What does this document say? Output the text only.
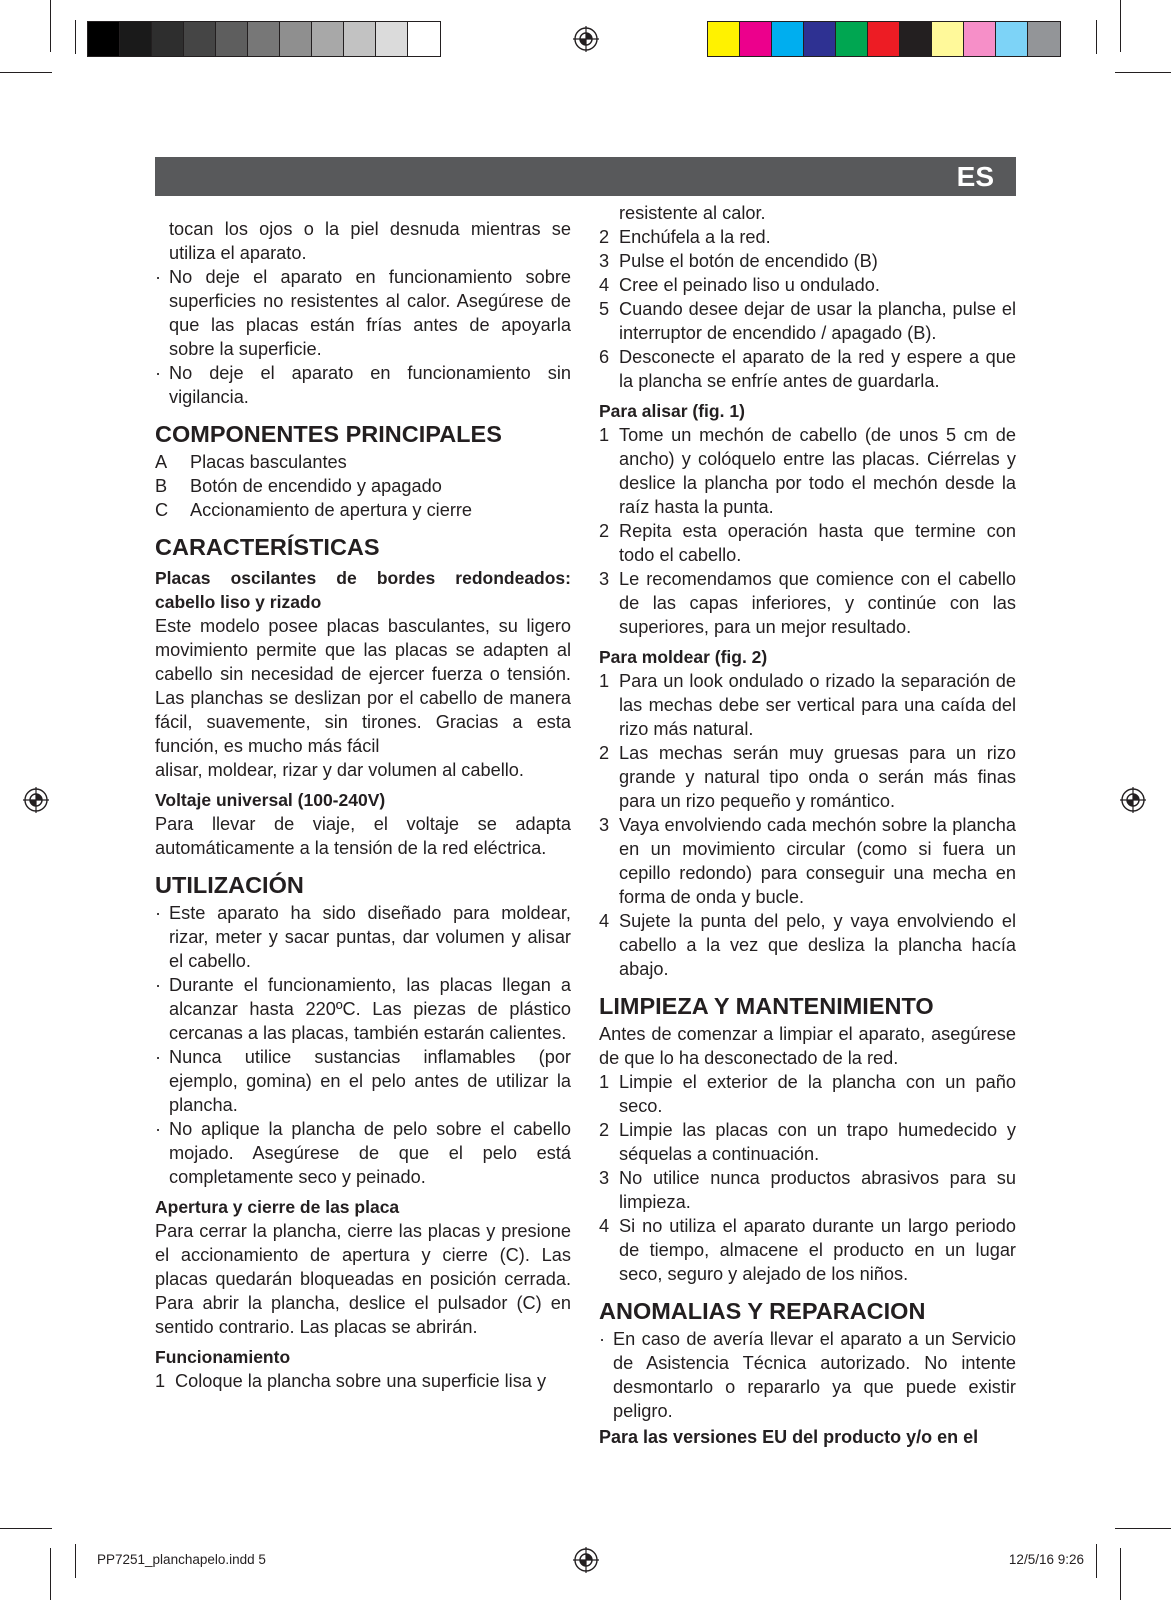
ES

tocan los ojos o la piel desnuda mientras se utiliza el aparato.

· No deje el aparato en funcionamiento sobre superficies no resistentes al calor. Asegúrese de que las placas están frías antes de apoyarla sobre la superficie.

· No deje el aparato en funcionamiento sin vigilancia.

COMPONENTES PRINCIPALES
A	Placas basculantes
B	Botón de encendido y apagado
C	Accionamiento de apertura y cierre
CARACTERÍSTICAS
Placas oscilantes de bordes redondeados: cabello liso y rizado

Este modelo posee placas basculantes, su ligero movimiento permite que las placas se adapten al cabello sin necesidad de ejercer fuerza o tensión. Las planchas se deslizan por el cabello de manera fácil, suavemente, sin tirones. Gracias a esta función, es mucho más fácil

alisar, moldear, rizar y dar volumen al cabello.

Voltaje universal (100-240V)

Para llevar de viaje, el voltaje se adapta automáticamente a la tensión de la red eléctrica.

UTILIZACIÓN

· Este aparato ha sido diseñado para moldear, rizar, meter y sacar puntas, dar volumen y alisar el cabello.

· Durante el funcionamiento, las placas llegan a alcanzar hasta 220ºC. Las piezas de plástico cercanas a las placas, también estarán calientes.

· Nunca utilice sustancias inflamables (por ejemplo, gomina) en el pelo antes de utilizar la plancha.

· No aplique la plancha de pelo sobre el cabello mojado. Asegúrese de que el pelo está completamente seco y peinado.

Apertura y cierre de las placa

Para cerrar la plancha, cierre las placas y presione el accionamiento de apertura y cierre (C). Las placas quedarán bloqueadas en posición cerrada. Para abrir la plancha, deslice el pulsador (C) en sentido contrario. Las placas se abrirán.

Funcionamiento

1 Coloque la plancha sobre una superficie lisa y

resistente al calor.

2 Enchúfela a la red.

3 Pulse el botón de encendido (B)

4 Cree el peinado liso u ondulado.

5 Cuando desee dejar de usar la plancha, pulse el interruptor de encendido / apagado (B).

6 Desconecte el aparato de la red y espere a que la plancha se enfríe antes de guardarla.

Para alisar (fig. 1)

1 Tome un mechón de cabello (de unos 5 cm de ancho) y colóquelo entre las placas. Ciérrelas y deslice la plancha por todo el mechón desde la raíz hasta la punta.

2 Repita esta operación hasta que termine con todo el cabello.

3 Le recomendamos que comience con el cabello de las capas inferiores, y continúe con las superiores, para un mejor resultado.

Para moldear (fig. 2)

1 Para un look ondulado o rizado la separación de las mechas debe ser vertical para una caída del rizo más natural.

2 Las mechas serán muy gruesas para un rizo grande y natural tipo onda o serán más finas para un rizo pequeño y romántico.

3 Vaya envolviendo cada mechón sobre la plancha en un movimiento circular (como si fuera un cepillo redondo) para conseguir una mecha en forma de onda y bucle.

4 Sujete la punta del pelo, y vaya envolviendo el cabello a la vez que desliza la plancha hacía abajo.

LIMPIEZA Y MANTENIMIENTO

Antes de comenzar a limpiar el aparato, asegúrese de que lo ha desconectado de la red.

1 Limpie el exterior de la plancha con un paño seco.

2 Limpie las placas con un trapo humedecido y séquelas a continuación.

3 No utilice nunca productos abrasivos para su limpieza.

4 Si no utiliza el aparato durante un largo periodo de tiempo, almacene el producto en un lugar seco, seguro y alejado de los niños.

ANOMALIAS Y REPARACION

· En caso de avería llevar el aparato a un Servicio de Asistencia Técnica autorizado. No intente desmontarlo o repararlo ya que puede existir peligro.

Para las versiones EU del producto y/o en el
PP7251_planchapelo.indd 5	12/5/16 9:26
